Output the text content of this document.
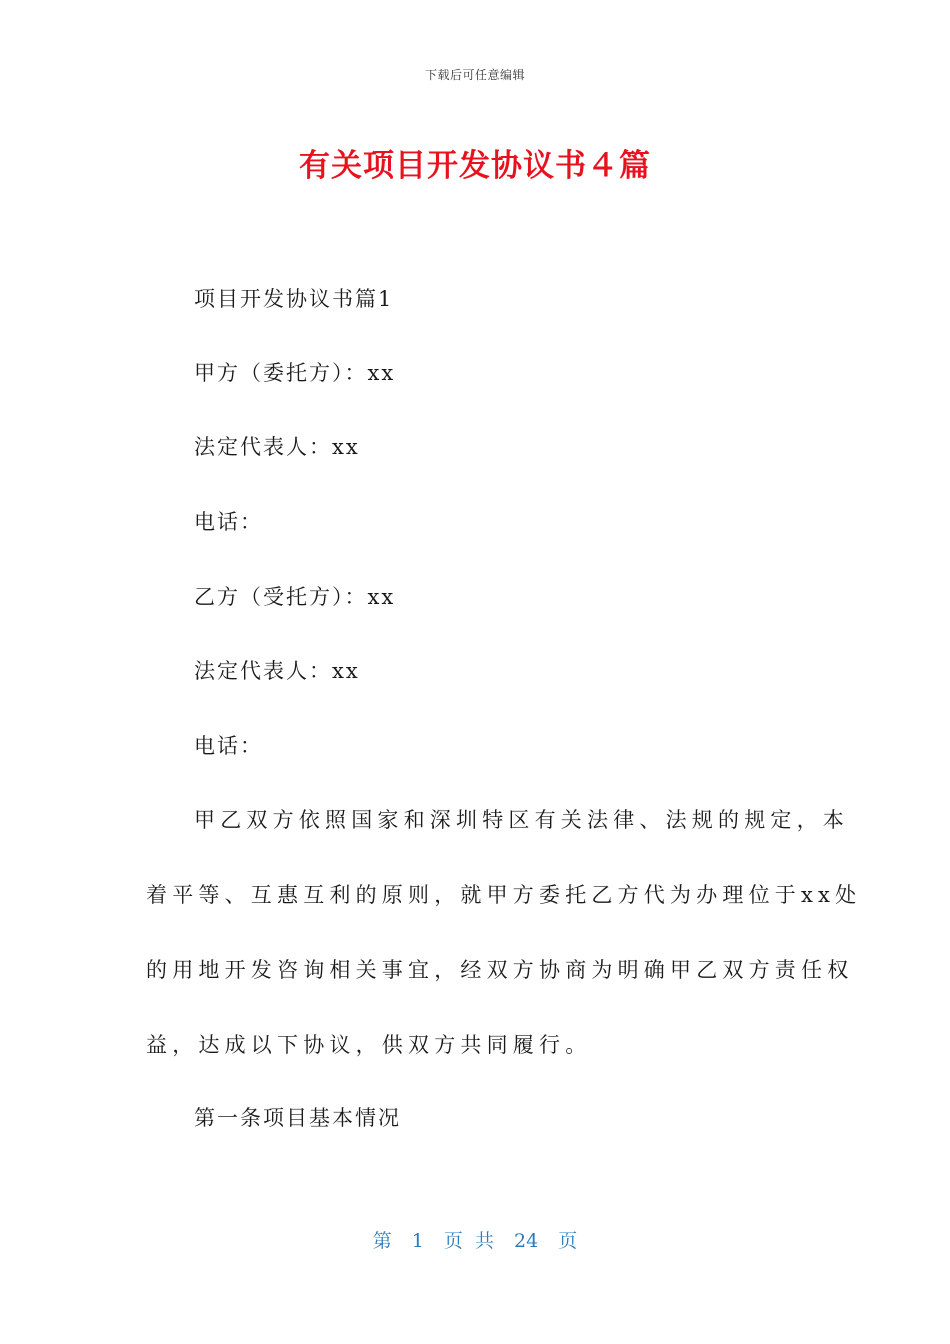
下载后可任意编辑
有关项目开发协议书４篇
项目开发协议书篇1
甲方（委托方）：xx
法定代表人：xx
电话：
乙方（受托方）：xx
法定代表人：xx
电话：
甲乙双方依照国家和深圳特区有关法律、法规的规定，本
着平等、互惠互利的原则，就甲方委托乙方代为办理位于xx处
的用地开发咨询相关事宜，经双方协商为明确甲乙双方责任权
益，达成以下协议，供双方共同履行。
第一条项目基本情况
第 1 页 共 24 页
